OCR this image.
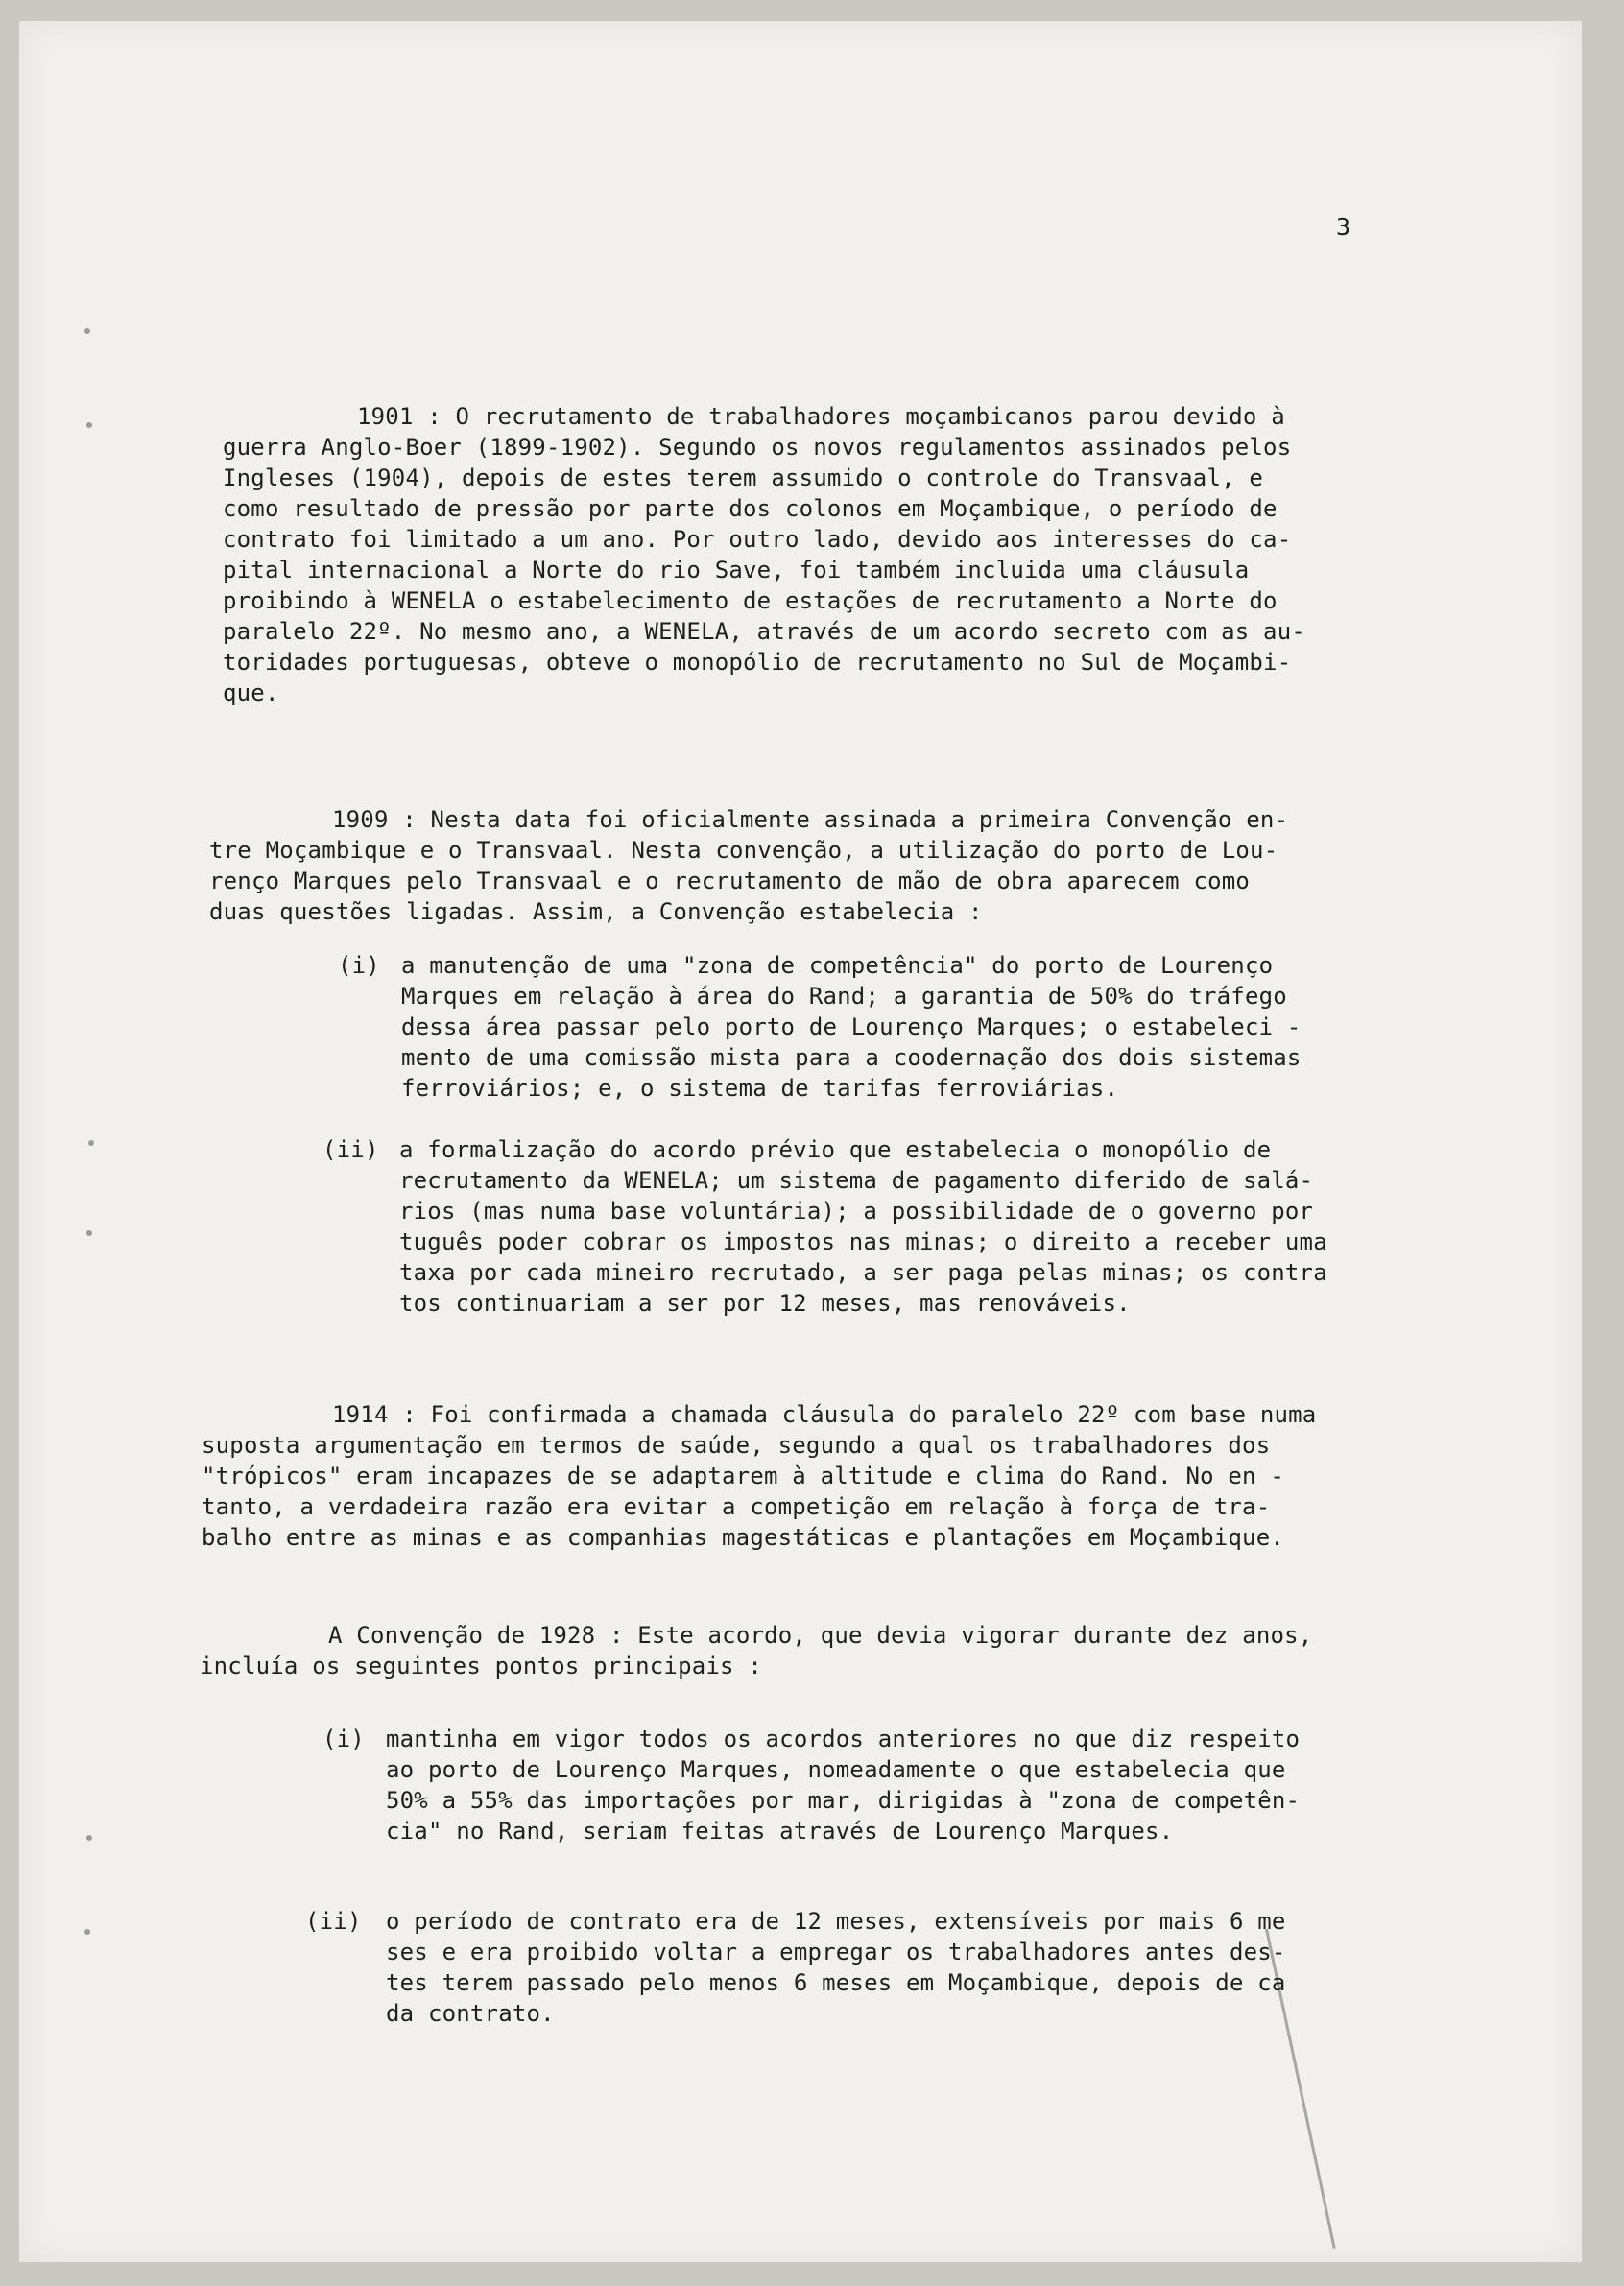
3
1901 : O recrutamento de trabalhadores moçambicanos parou devido à
guerra Anglo-Boer (1899-1902). Segundo os novos regulamentos assinados pelos
Ingleses (1904), depois de estes terem assumido o controle do Transvaal, e
como resultado de pressão por parte dos colonos em Moçambique, o período de
contrato foi limitado a um ano. Por outro lado, devido aos interesses do ca-
pital internacional a Norte do rio Save, foi também incluida uma cláusula
proibindo à WENELA o estabelecimento de estações de recrutamento a Norte do
paralelo 22º. No mesmo ano, a WENELA, através de um acordo secreto com as au-
toridades portuguesas, obteve o monopólio de recrutamento no Sul de Moçambi-
que.
1909 : Nesta data foi oficialmente assinada a primeira Convenção en-
tre Moçambique e o Transvaal. Nesta convenção, a utilização do porto de Lou-
renço Marques pelo Transvaal e o recrutamento de mão de obra aparecem como
duas questões ligadas. Assim, a Convenção estabelecia :
(i) a manutenção de uma "zona de competência" do porto de Lourenço
Marques em relação à área do Rand; a garantia de 50% do tráfego
dessa área passar pelo porto de Lourenço Marques; o estabeleci -
mento de uma comissão mista para a coodernação dos dois sistemas
ferroviários; e, o sistema de tarifas ferroviárias.
(ii) a formalização do acordo prévio que estabelecia o monopólio de
recrutamento da WENELA; um sistema de pagamento diferido de salá-
rios (mas numa base voluntária); a possibilidade de o governo por
tuguês poder cobrar os impostos nas minas; o direito a receber uma
taxa por cada mineiro recrutado, a ser paga pelas minas; os contra
tos continuariam a ser por 12 meses, mas renováveis.
1914 : Foi confirmada a chamada cláusula do paralelo 22º com base numa
suposta argumentação em termos de saúde, segundo a qual os trabalhadores dos
"trópicos" eram incapazes de se adaptarem à altitude e clima do Rand. No en -
tanto, a verdadeira razão era evitar a competição em relação à força de tra-
balho entre as minas e as companhias magestáticas e plantações em Moçambique.
A Convenção de 1928 : Este acordo, que devia vigorar durante dez anos,
incluía os seguintes pontos principais :
(i) mantinha em vigor todos os acordos anteriores no que diz respeito
ao porto de Lourenço Marques, nomeadamente o que estabelecia que
50% a 55% das importações por mar, dirigidas à "zona de competên-
cia" no Rand, seriam feitas através de Lourenço Marques.
(ii) o período de contrato era de 12 meses, extensíveis por mais 6 me
ses e era proibido voltar a empregar os trabalhadores antes des-
tes terem passado pelo menos 6 meses em Moçambique, depois de ca
da contrato.
